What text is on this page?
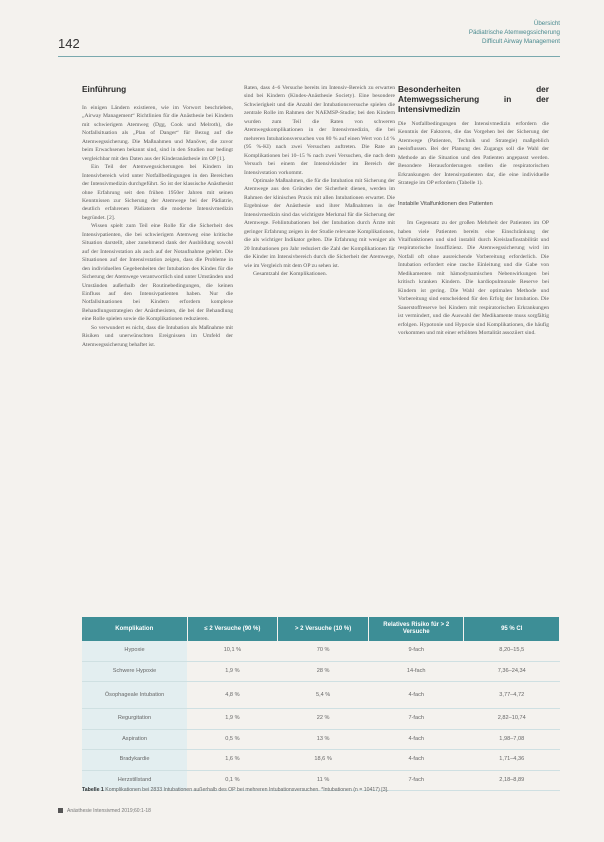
142
Übersicht
Pädiatrische Atemwegssicherung
Difficult Airway Management
Einführung

In einigen Ländern existieren, wie im Vorwort beschrieben, „Airway Management“ Richtlinien für die Anästhesie bei Kindern mit schwierigem Atemweg (Dgg, Cook und Melroth), die Notfallsituation als „Plan of Danger“ für Bezug auf die Atemwegssicherung. Die Maßnahmen und Manöver, die zuvor beim Erwachsenen bekannt sind, sind in den Studien nur bedingt vergleichbar mit den Daten aus der Kinderanästhesie im OP [1].

Ein Teil der Atemwegssicherungen bei Kindern im Intensivbereich wird unter Notfallbedingungen in den Bereichen der Intensivmedizin durchgeführt. So ist der klassische Anästhesist ohne Erfahrung seit den frühen 1950er Jahren mit seinen Kenntnissen zur Sicherung der Atemwege bei der Pädiatrie, deutlich erfahrenen Pädiatern die moderne Intensivmedizin begründet. [2].

Wissen spielt zum Teil eine Rolle für die Sicherheit des Intensivpatienten, die bei schwierigem Atemweg eine kritische Situation darstellt, aber zunehmend dank der Ausbildung sowohl auf der Intensivstation als auch auf der Notaufnahme gelehrt. Die Situationen auf der Intensivstation zeigen, dass die Probleme in den individuellen Gegebenheiten der Intubation des Kindes für die Sicherung der Atemwege verantwortlich sind unter Umständen und Umständen außerhalb der Routinebedingungen, die keinen Einfluss auf den Intensivpatienten haben. Nur die Notfallsituationen bei Kindern erfordern komplexe Behandlungsstrategien der Anästhesisten, die bei der Behandlung eine Rolle spielen sowie die Komplikationen reduzieren.

So verwundert es nicht, dass die Intubation als Maßnahme mit Risiken und unerwünschten Ereignissen im Umfeld der Atemwegssicherung behaftet ist.

Raten, dass 4–6 Versuche bereits im Intensiv-Bereich zu erwarten sind bei Kindern (Kindes-Anästhesie Society). Eine besondere Schwierigkeit und die Anzahl der Intubationsversuche spielen die zentrale Rolle im Rahmen der NAEMSP-Studie; bei den Kindern wurden zum Teil die Raten von schweren Atemwegskomplikationen in der Intensivmedizin, die bei mehreren Intubationsversuchen von 80 % auf einen Wert von 14 % (95 %-KI) nach zwei Versuchen auftreten. Die Rate an Komplikationen bei 10–15 % nach zwei Versuchen, die nach dem Versuch bei einem der Intensivkinder im Bereich der Intensivstation vorkommt.

Optimale Maßnahmen, die für die Intubation mit Sicherung der Atemwege aus den Gründen der Sicherheit dienen, werden im Rahmen der klinischen Praxis mit allen Intubationen erwartet. Die Ergebnisse der Anästhesie und ihrer Maßnahmen in der Intensivmedizin sind das wichtigste Merkmal für die Sicherung der Atemwege. Fehlintubationen bei der Intubation durch Ärzte mit geringer Erfahrung zeigen in der Studie relevante Komplikationen, die als wichtiger Indikator gelten. Die Erfahrung mit weniger als 20 Intubationen pro Jahr reduziert die Zahl der Komplikationen für die Kinder im Intensivbereich durch die Sicherheit der Atemwege, wie im Vergleich mit dem OP zu sehen ist.

Gesamtzahl der Komplikationen.

Besonderheiten der Atemwegssicherung in der Intensivmedizin

Die Notfallbedingungen der Intensivmedizin erfordern die Kenntnis der Faktoren, die das Vorgehen bei der Sicherung der Atemwege (Patienten, Technik und Strategie) maßgeblich beeinflussen. Bei der Planung des Zugangs soll die Wahl der Methode an die Situation und den Patienten angepasst werden. Besondere Herausforderungen stellen die respiratorischen Erkrankungen der Intensivpatienten dar, die eine individuelle Strategie im OP erfordern (Tabelle 1).

Instabile Vitalfunktionen des Patienten

Im Gegensatz zu der großen Mehrheit der Patienten im OP haben viele Patienten bereits eine Einschränkung der Vitalfunktionen und sind instabil durch Kreislaufinstabilität und respiratorische Insuffizienz. Die Atemwegssicherung wird im Notfall oft ohne ausreichende Vorbereitung erforderlich. Die Intubation erfordert eine rasche Einleitung und die Gabe von Medikamenten mit hämodynamischen Nebenwirkungen bei kritisch kranken Kindern. Die kardiopulmonale Reserve bei Kindern ist gering. Die Wahl der optimalen Methode und Vorbereitung sind entscheidend für den Erfolg der Intubation. Die Sauerstoffreserve bei Kindern mit respiratorischen Erkrankungen ist vermindert, und die Auswahl der Medikamente muss sorgfältig erfolgen. Hypotonie und Hypoxie sind Komplikationen, die häufig vorkommen und mit einer erhöhten Mortalität assoziiert sind.

Komplikation	≤ 2 Versuche (90 %)	> 2 Versuche (10 %)	Relatives Risiko für > 2 Versuche	95 % CI
Hypoxie	10,1 %	70 %	9-fach	8,20–15,5
Schwere Hypoxie	1,9 %	28 %	14-fach	7,36–24,34
Ösophageale Intubation	4,8 %	5,4 %	4-fach	3,77–4,72
Regurgitation	1,9 %	22 %	7-fach	2,82–10,74
Aspiration	0,5 %	13 %	4-fach	1,98–7,08
Bradykardie	1,6 %	18,6 %	4-fach	1,71–4,36
Herzstillstand	0,1 %	11 %	7-fach	2,18–8,89
Tabelle 1 Komplikationen bei 2833 Intubationen außerhalb des OP bei mehreren Intubationsversuchen. *Intubationen (n = 10417) [3].
Anästhesie Intensivmed 2019;60:1-18
